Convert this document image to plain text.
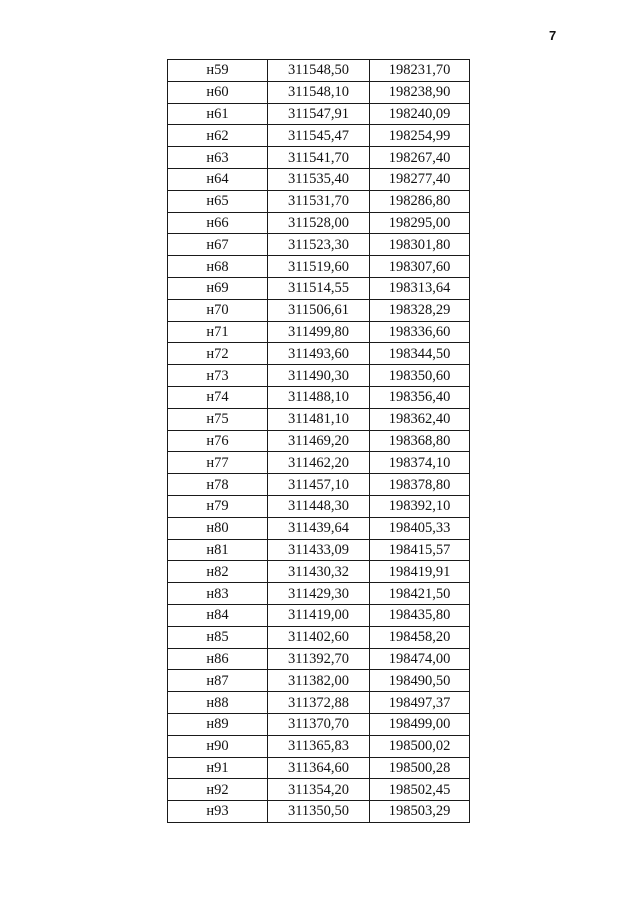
7
н59	311548,50	198231,70
н60	311548,10	198238,90
н61	311547,91	198240,09
н62	311545,47	198254,99
н63	311541,70	198267,40
н64	311535,40	198277,40
н65	311531,70	198286,80
н66	311528,00	198295,00
н67	311523,30	198301,80
н68	311519,60	198307,60
н69	311514,55	198313,64
н70	311506,61	198328,29
н71	311499,80	198336,60
н72	311493,60	198344,50
н73	311490,30	198350,60
н74	311488,10	198356,40
н75	311481,10	198362,40
н76	311469,20	198368,80
н77	311462,20	198374,10
н78	311457,10	198378,80
н79	311448,30	198392,10
н80	311439,64	198405,33
н81	311433,09	198415,57
н82	311430,32	198419,91
н83	311429,30	198421,50
н84	311419,00	198435,80
н85	311402,60	198458,20
н86	311392,70	198474,00
н87	311382,00	198490,50
н88	311372,88	198497,37
н89	311370,70	198499,00
н90	311365,83	198500,02
н91	311364,60	198500,28
н92	311354,20	198502,45
н93	311350,50	198503,29
